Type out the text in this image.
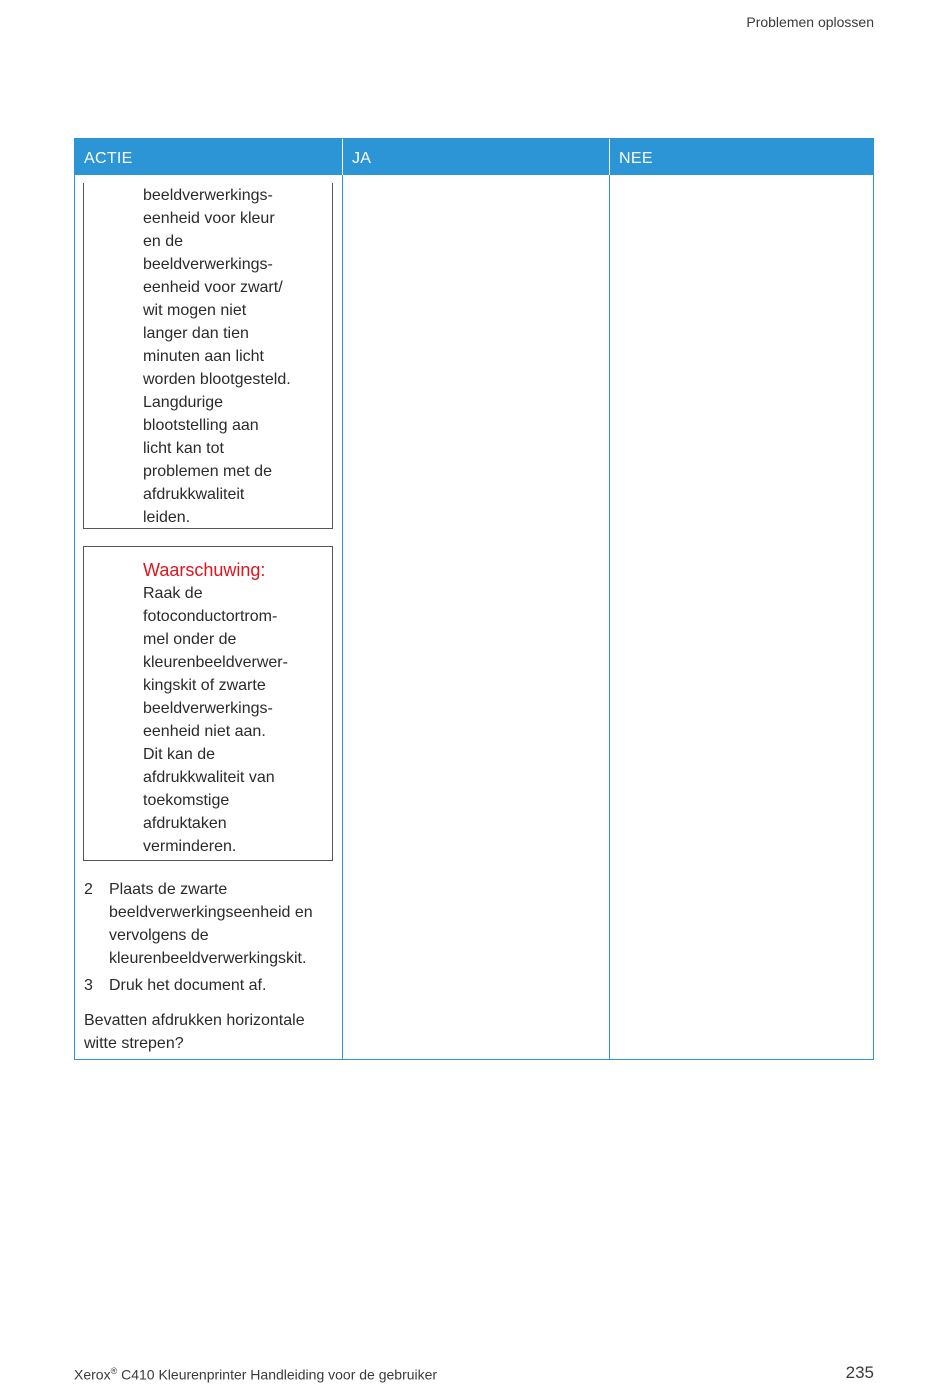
Problemen oplossen
ACTIE	JA	NEE
beeldverwerkings-
eenheid voor kleur
en de
beeldverwerkings-
eenheid voor zwart/
wit mogen niet
langer dan tien
minuten aan licht
worden blootgesteld.
Langdurige
blootstelling aan
licht kan tot
problemen met de
afdrukkwaliteit
leiden.
Waarschuwing:
Raak de
fotoconductortrom-
mel onder de
kleurenbeeldverwer-
kingskit of zwarte
beeldverwerkings-
eenheid niet aan.
Dit kan de
afdrukkwaliteit van
toekomstige
afdruktaken
verminderen.
2	Plaats de zwarte
beeldverwerkingseenheid en
vervolgens de
kleurenbeeldverwerkingskit.
3	Druk het document af.
Bevatten afdrukken horizontale
witte strepen?
Xerox® C410 Kleurenprinter Handleiding voor de gebruiker	235
